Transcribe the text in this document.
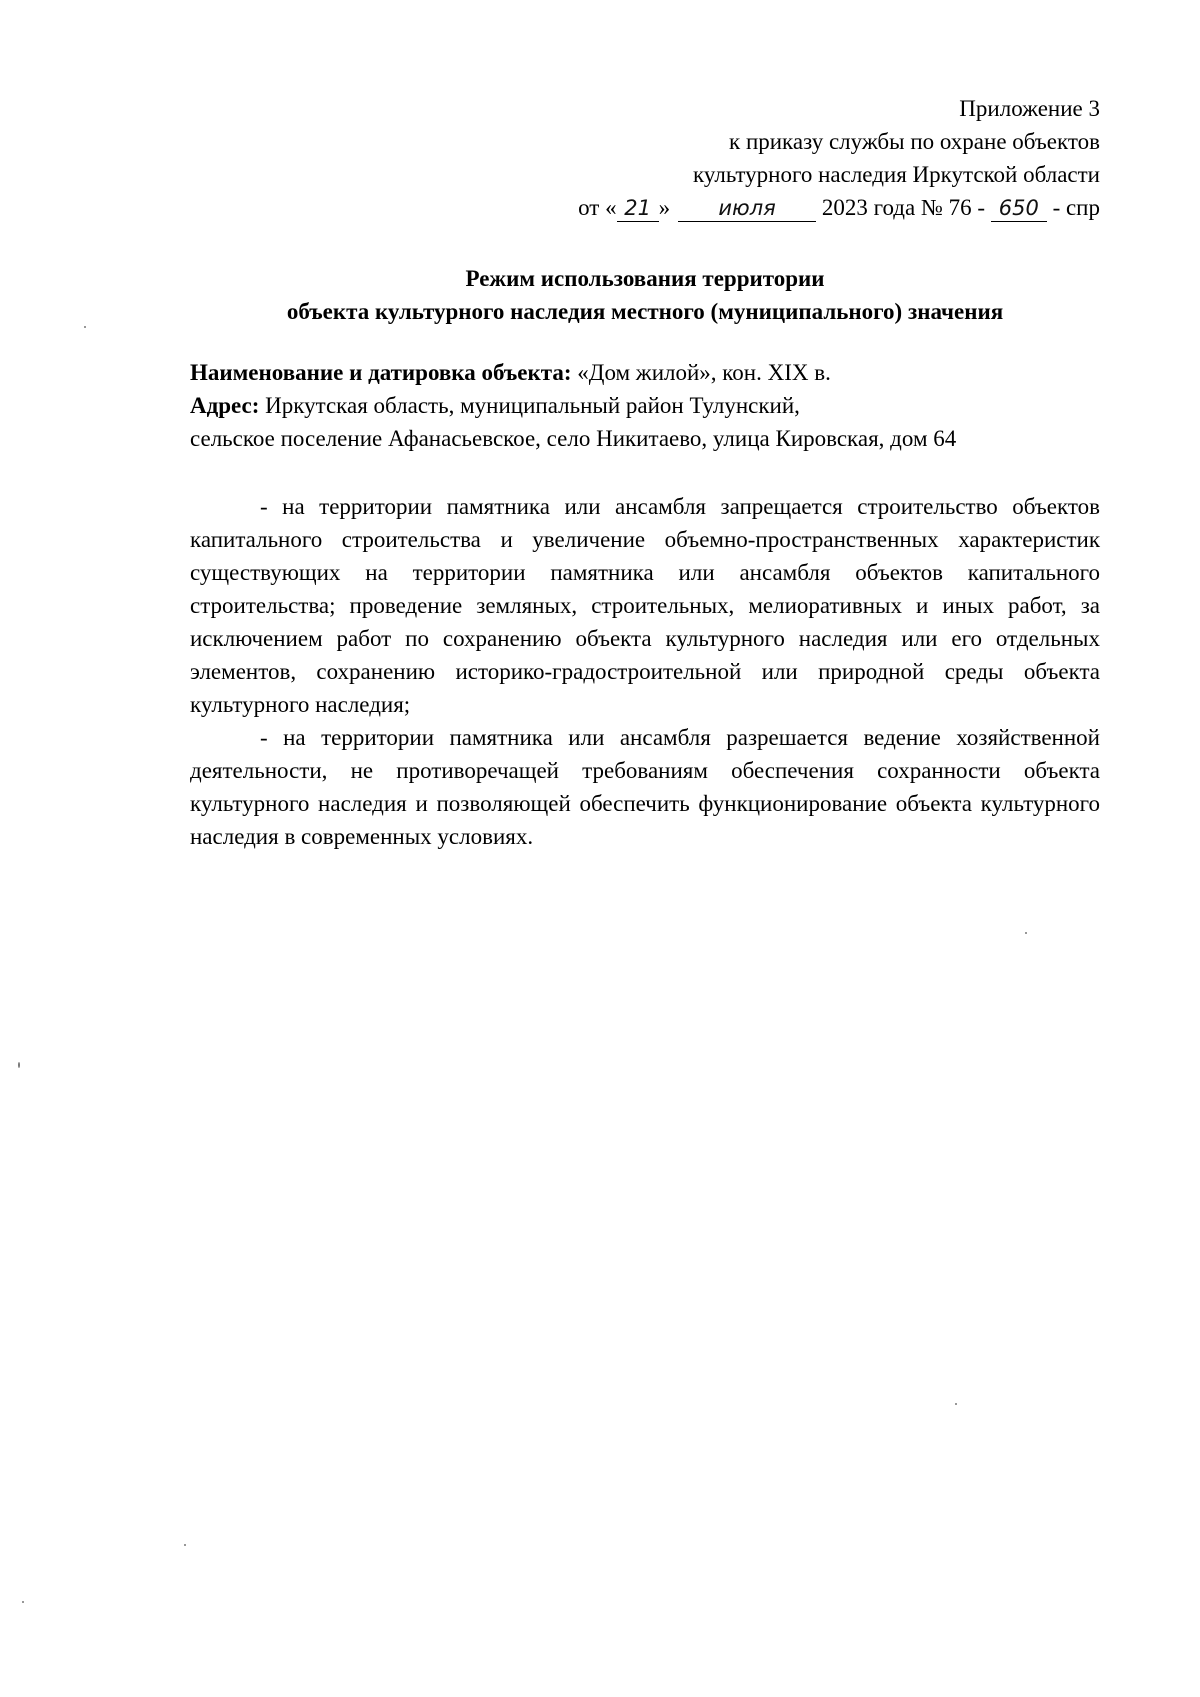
Приложение 3
к приказу службы по охране объектов
культурного наследия Иркутской области
от « 21 » июля 2023 года № 76 - 650 - спр
Режим использования территории
объекта культурного наследия местного (муниципального) значения
Наименование и датировка объекта: «Дом жилой», кон. XIX в.
Адрес: Иркутская область, муниципальный район Тулунский,
сельское поселение Афанасьевское, село Никитаево, улица Кировская, дом 64

- на территории памятника или ансамбля запрещается строительство объектов капитального строительства и увеличение объемно-пространственных характеристик существующих на территории памятника или ансамбля объектов капитального строительства; проведение земляных, строительных, мелиоративных и иных работ, за исключением работ по сохранению объекта культурного наследия или его отдельных элементов, сохранению историко-градостроительной или природной среды объекта культурного наследия;

- на территории памятника или ансамбля разрешается ведение хозяйственной деятельности, не противоречащей требованиям обеспечения сохранности объекта культурного наследия и позволяющей обеспечить функционирование объекта культурного наследия в современных условиях.
